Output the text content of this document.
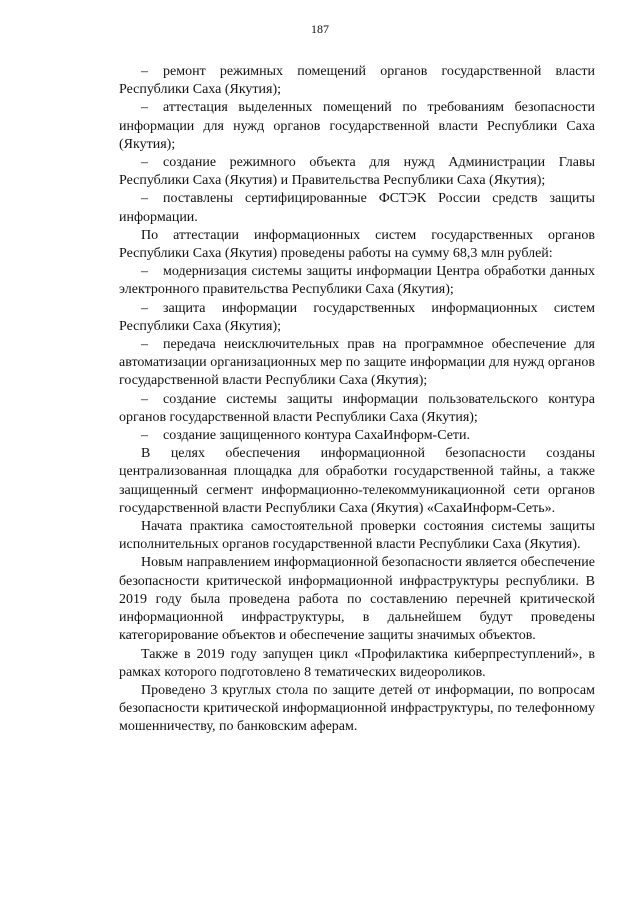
187

– ремонт режимных помещений органов государственной власти Республики Саха (Якутия);

– аттестация выделенных помещений по требованиям безопасности информации для нужд органов государственной власти Республики Саха (Якутия);

– создание режимного объекта для нужд Администрации Главы Республики Саха (Якутия) и Правительства Республики Саха (Якутия);

– поставлены сертифицированные ФСТЭК России средств защиты информации.

По аттестации информационных систем государственных органов Республики Саха (Якутия) проведены работы на сумму 68,3 млн рублей:

– модернизация системы защиты информации Центра обработки данных электронного правительства Республики Саха (Якутия);

– защита информации государственных информационных систем Республики Саха (Якутия);

– передача неисключительных прав на программное обеспечение для автоматизации организационных мер по защите информации для нужд органов государственной власти Республики Саха (Якутия);

– создание системы защиты информации пользовательского контура органов государственной власти Республики Саха (Якутия);

– создание защищенного контура СахаИнформ-Сети.

В целях обеспечения информационной безопасности созданы централизованная площадка для обработки государственной тайны, а также защищенный сегмент информационно-телекоммуникационной сети органов государственной власти Республики Саха (Якутия) «СахаИнформ-Сеть».

Начата практика самостоятельной проверки состояния системы защиты исполнительных органов государственной власти Республики Саха (Якутия).

Новым направлением информационной безопасности является обеспечение безопасности критической информационной инфраструктуры республики. В 2019 году была проведена работа по составлению перечней критической информационной инфраструктуры, в дальнейшем будут проведены категорирование объектов и обеспечение защиты значимых объектов.

Также в 2019 году запущен цикл «Профилактика киберпреступлений», в рамках которого подготовлено 8 тематических видеороликов.

Проведено 3 круглых стола по защите детей от информации, по вопросам безопасности критической информационной инфраструктуры, по телефонному мошенничеству, по банковским аферам.
